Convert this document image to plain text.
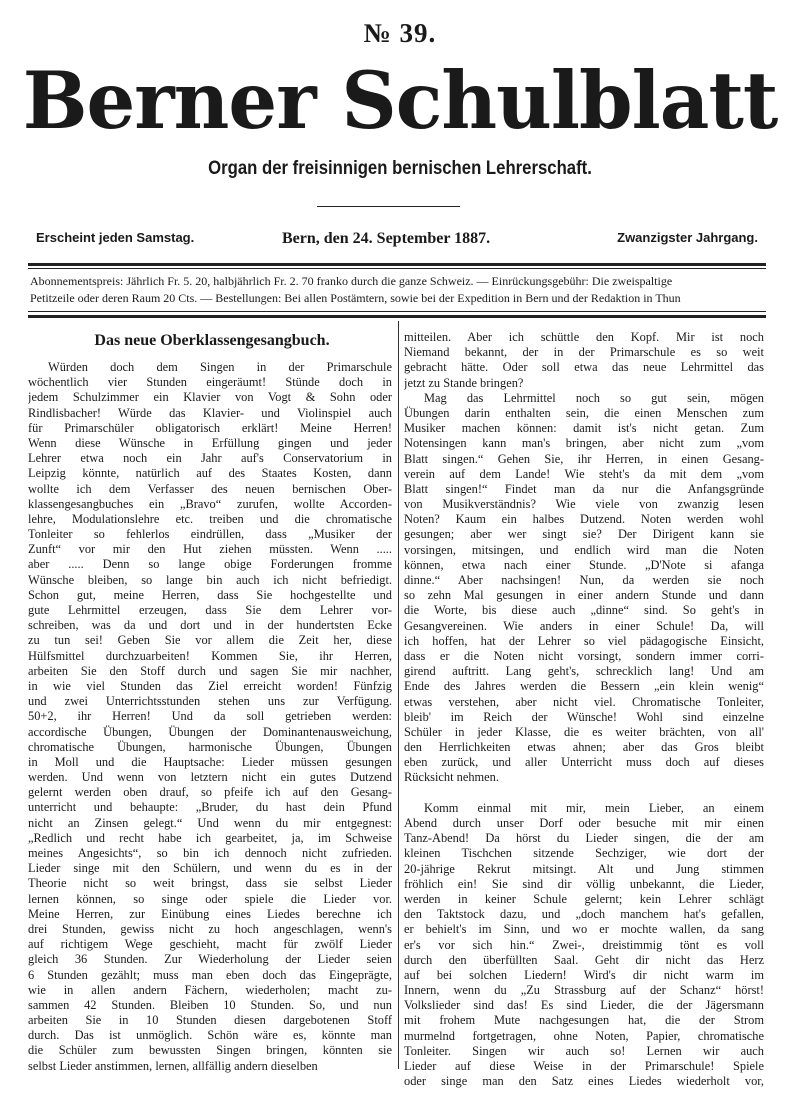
№ 39.
Berner Schulblatt
Organ der freisinnigen bernischen Lehrerschaft.
Erscheint jeden Samstag.	Bern, den 24. September 1887.	Zwanzigster Jahrgang.
Abonnementspreis: Jährlich Fr. 5. 20, halbjährlich Fr. 2. 70 franko durch die ganze Schweiz. — Einrückungsgebühr: Die zweispaltige
Petitzeile oder deren Raum 20 Cts. — Bestellungen: Bei allen Postämtern, sowie bei der Expedition in Bern und der Redaktion in Thun
Das neue Oberklassengesangbuch.
Würden doch dem Singen in der Primarschule
wöchentlich vier Stunden eingeräumt! Stünde doch in
jedem Schulzimmer ein Klavier von Vogt & Sohn oder
Rindlisbacher! Würde das Klavier- und Violinspiel auch
für Primarschüler obligatorisch erklärt! Meine Herren!
Wenn diese Wünsche in Erfüllung gingen und jeder
Lehrer etwa noch ein Jahr auf's Conservatorium in
Leipzig könnte, natürlich auf des Staates Kosten, dann
wollte ich dem Verfasser des neuen bernischen Ober-
klassengesangbuches ein „Bravo“ zurufen, wollte Accorden-
lehre, Modulationslehre etc. treiben und die chromatische
Tonleiter so fehlerlos eindrüllen, dass „Musiker der
Zunft“ vor mir den Hut ziehen müssten. Wenn .....
aber ..... Denn so lange obige Forderungen fromme
Wünsche bleiben, so lange bin auch ich nicht befriedigt.
Schon gut, meine Herren, dass Sie hochgestellte und
gute Lehrmittel erzeugen, dass Sie dem Lehrer vor-
schreiben, was da und dort und in der hundertsten Ecke
zu tun sei! Geben Sie vor allem die Zeit her, diese
Hülfsmittel durchzuarbeiten! Kommen Sie, ihr Herren,
arbeiten Sie den Stoff durch und sagen Sie mir nachher,
in wie viel Stunden das Ziel erreicht worden! Fünfzig
und zwei Unterrichtsstunden stehen uns zur Verfügung.
50+2, ihr Herren! Und da soll getrieben werden:
accordische Übungen, Übungen der Dominantenausweichung,
chromatische Übungen, harmonische Übungen, Übungen
in Moll und die Hauptsache: Lieder müssen gesungen
werden. Und wenn von letztern nicht ein gutes Dutzend
gelernt werden oben drauf, so pfeife ich auf den Gesang-
unterricht und behaupte: „Bruder, du hast dein Pfund
nicht an Zinsen gelegt.“ Und wenn du mir entgegnest:
„Redlich und recht habe ich gearbeitet, ja, im Schweise
meines Angesichts“, so bin ich dennoch nicht zufrieden.
Lieder singe mit den Schülern, und wenn du es in der
Theorie nicht so weit bringst, dass sie selbst Lieder
lernen können, so singe oder spiele die Lieder vor.
Meine Herren, zur Einübung eines Liedes berechne ich
drei Stunden, gewiss nicht zu hoch angeschlagen, wenn's
auf richtigem Wege geschieht, macht für zwölf Lieder
gleich 36 Stunden. Zur Wiederholung der Lieder seien
6 Stunden gezählt; muss man eben doch das Eingeprägte,
wie in allen andern Fächern, wiederholen; macht zu-
sammen 42 Stunden. Bleiben 10 Stunden. So, und nun
arbeiten Sie in 10 Stunden diesen dargebotenen Stoff
durch. Das ist unmöglich. Schön wäre es, könnte man
die Schüler zum bewussten Singen bringen, könnten sie
selbst Lieder anstimmen, lernen, allfällig andern dieselben
mitteilen. Aber ich schüttle den Kopf. Mir ist noch
Niemand bekannt, der in der Primarschule es so weit
gebracht hätte. Oder soll etwa das neue Lehrmittel das
jetzt zu Stande bringen?
Mag das Lehrmittel noch so gut sein, mögen
Übungen darin enthalten sein, die einen Menschen zum
Musiker machen können: damit ist's nicht getan. Zum
Notensingen kann man's bringen, aber nicht zum „vom
Blatt singen.“ Gehen Sie, ihr Herren, in einen Gesang-
verein auf dem Lande! Wie steht's da mit dem „vom
Blatt singen!“ Findet man da nur die Anfangsgründe
von Musikverständnis? Wie viele von zwanzig lesen
Noten? Kaum ein halbes Dutzend. Noten werden wohl
gesungen; aber wer singt sie? Der Dirigent kann sie
vorsingen, mitsingen, und endlich wird man die Noten
können, etwa nach einer Stunde. „D'Note si afanga
dinne.“ Aber nachsingen! Nun, da werden sie noch
so zehn Mal gesungen in einer andern Stunde und dann
die Worte, bis diese auch „dinne“ sind. So geht's in
Gesangvereinen. Wie anders in einer Schule! Da, will
ich hoffen, hat der Lehrer so viel pädagogische Einsicht,
dass er die Noten nicht vorsingt, sondern immer corri-
girend auftritt. Lang geht's, schrecklich lang! Und am
Ende des Jahres werden die Bessern „ein klein wenig“
etwas verstehen, aber nicht viel. Chromatische Tonleiter,
bleib' im Reich der Wünsche! Wohl sind einzelne
Schüler in jeder Klasse, die es weiter brächten, von all'
den Herrlichkeiten etwas ahnen; aber das Gros bleibt
eben zurück, und aller Unterricht muss doch auf dieses
Rücksicht nehmen.
Komm einmal mit mir, mein Lieber, an einem
Abend durch unser Dorf oder besuche mit mir einen
Tanz-Abend! Da hörst du Lieder singen, die der am
kleinen Tischchen sitzende Sechziger, wie dort der
20-jährige Rekrut mitsingt. Alt und Jung stimmen
fröhlich ein! Sie sind dir völlig unbekannt, die Lieder,
werden in keiner Schule gelernt; kein Lehrer schlägt
den Taktstock dazu, und „doch manchem hat's gefallen,
er behielt's im Sinn, und wo er mochte wallen, da sang
er's vor sich hin.“ Zwei-, dreistimmig tönt es voll
durch den überfüllten Saal. Geht dir nicht das Herz
auf bei solchen Liedern! Wird's dir nicht warm im
Innern, wenn du „Zu Strassburg auf der Schanz“ hörst!
Volkslieder sind das! Es sind Lieder, die der Jägersmann
mit frohem Mute nachgesungen hat, die der Strom
murmelnd fortgetragen, ohne Noten, Papier, chromatische
Tonleiter. Singen wir auch so! Lernen wir auch
Lieder auf diese Weise in der Primarschule! Spiele
oder singe man den Satz eines Liedes wiederholt vor,
